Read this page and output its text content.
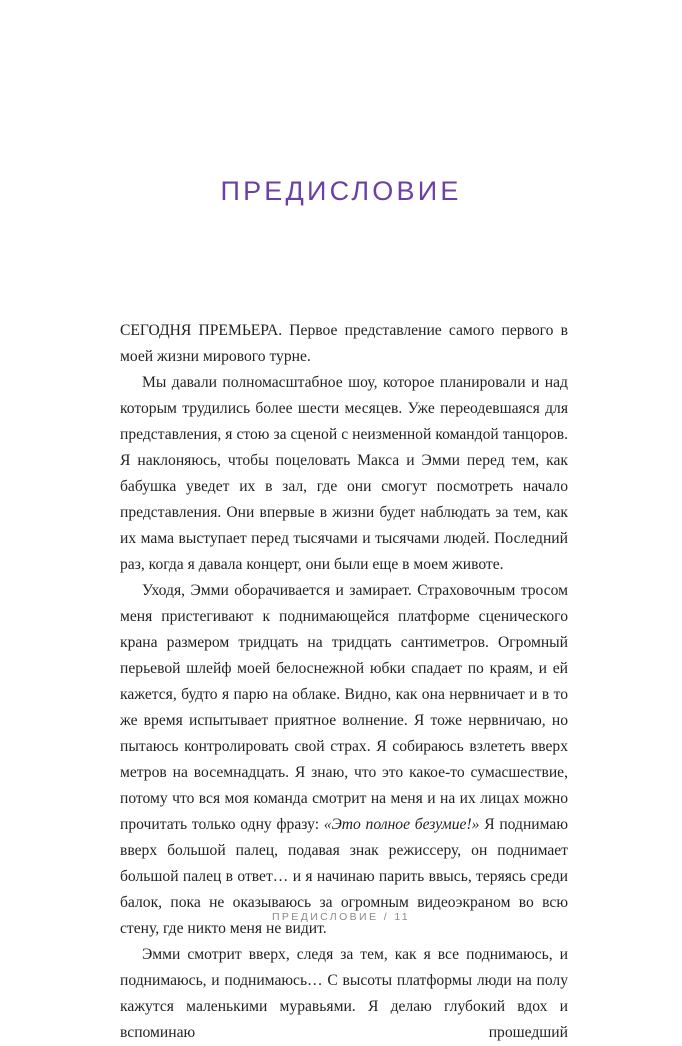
ПРЕДИСЛОВИЕ

СЕГОДНЯ ПРЕМЬЕРА. Первое представление самого первого в моей жизни мирового турне.

Мы давали полномасштабное шоу, которое планировали и над которым трудились более шести месяцев. Уже переодевшаяся для представления, я стою за сценой с неизменной командой танцоров. Я наклоняюсь, чтобы поцеловать Макса и Эмми перед тем, как бабушка уведет их в зал, где они смогут посмотреть начало представления. Они впервые в жизни будет наблюдать за тем, как их мама выступает перед тысячами и тысячами людей. Последний раз, когда я давала концерт, они были еще в моем животе.

Уходя, Эмми оборачивается и замирает. Страховочным тросом меня пристегивают к поднимающейся платформе сценического крана размером тридцать на тридцать сантиметров. Огромный перьевой шлейф моей белоснежной юбки спадает по краям, и ей кажется, будто я парю на облаке. Видно, как она нервничает и в то же время испытывает приятное волнение. Я тоже нервничаю, но пытаюсь контролировать свой страх. Я собираюсь взлететь вверх метров на восемнадцать. Я знаю, что это какое-то сумасшествие, потому что вся моя команда смотрит на меня и на их лицах можно прочитать только одну фразу: «Это полное безумие!» Я поднимаю вверх большой палец, подавая знак режиссеру, он поднимает большой палец в ответ… и я начинаю парить ввысь, теряясь среди балок, пока не оказываюсь за огромным видеоэкраном во всю стену, где никто меня не видит.

Эмми смотрит вверх, следя за тем, как я все поднимаюсь, и поднимаюсь, и поднимаюсь… С высоты платформы люди на полу кажутся маленькими муравьями. Я делаю глубокий вдох и вспоминаю прошедший

ПРЕДИСЛОВИЕ / 11
